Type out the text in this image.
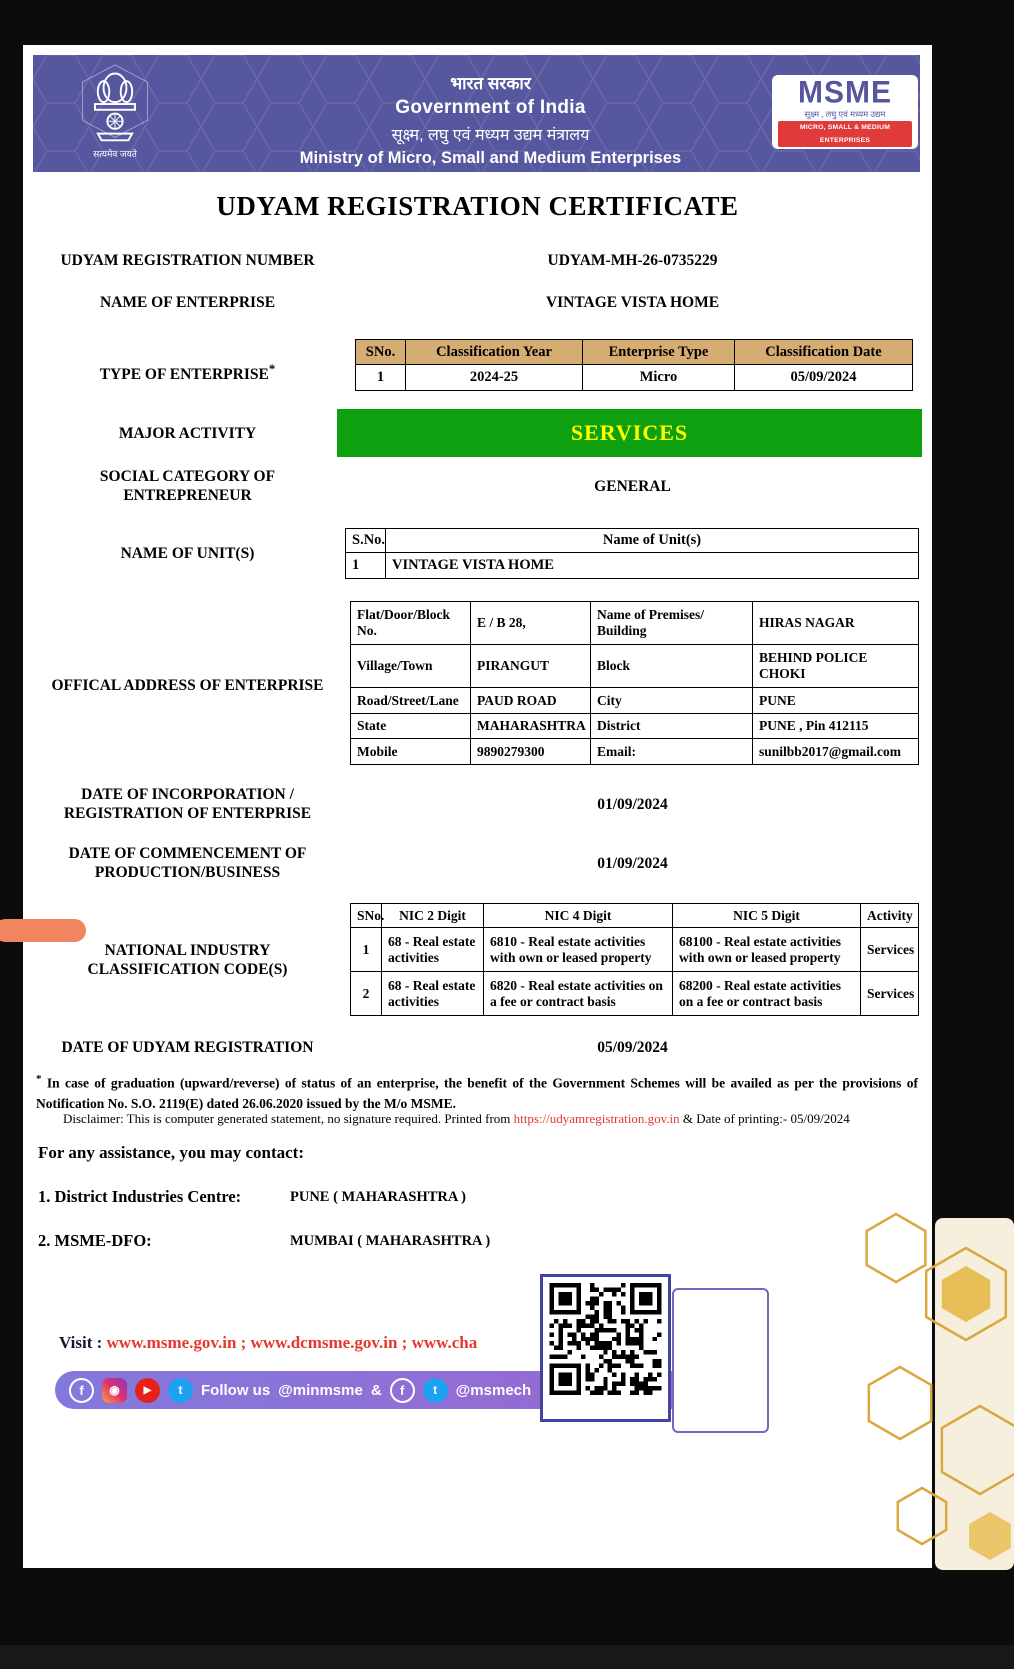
सत्यमेव जयते
भारत सरकार
Government of India
सूक्ष्म, लघु एवं मध्यम उद्यम मंत्रालय
Ministry of Micro, Small and Medium Enterprises
MSME
सूक्ष्म , लघु एवं मध्यम उद्यम
MICRO, SMALL & MEDIUM ENTERPRISES
UDYAM REGISTRATION CERTIFICATE
UDYAM REGISTRATION NUMBER	UDYAM-MH-26-0735229
NAME OF ENTERPRISE	VINTAGE VISTA HOME
TYPE OF ENTERPRISE*
SNo.	Classification Year	Enterprise Type	Classification Date
1	2024-25	Micro	05/09/2024
MAJOR ACTIVITY	SERVICES
SOCIAL CATEGORY OF ENTREPRENEUR
GENERAL
NAME OF UNIT(S)
S.No.	Name of Unit(s)
1	VINTAGE VISTA HOME
OFFICAL ADDRESS OF ENTERPRISE
Flat/Door/Block No.	E / B 28,	Name of Premises/ Building	HIRAS NAGAR
Village/Town	PIRANGUT	Block	BEHIND POLICE CHOKI
Road/Street/Lane	PAUD ROAD	City	PUNE
State	MAHARASHTRA	District	PUNE , Pin 412115
Mobile	9890279300	Email:	sunilbb2017@gmail.com
DATE OF INCORPORATION / REGISTRATION OF ENTERPRISE
01/09/2024
DATE OF COMMENCEMENT OF PRODUCTION/BUSINESS
01/09/2024
NATIONAL INDUSTRY CLASSIFICATION CODE(S)
SNo.	NIC 2 Digit	NIC 4 Digit	NIC 5 Digit	Activity
1	68 - Real estate activities	6810 - Real estate activities with own or leased property	68100 - Real estate activities with own or leased property	Services
2	68 - Real estate activities	6820 - Real estate activities on a fee or contract basis	68200 - Real estate activities on a fee or contract basis	Services
DATE OF UDYAM REGISTRATION	05/09/2024

* In case of graduation (upward/reverse) of status of an enterprise, the benefit of the Government Schemes will be availed as per the provisions of Notification No. S.O. 2119(E) dated 26.06.2020 issued by the M/o MSME.

Disclaimer: This is computer generated statement, no signature required. Printed from https://udyamregistration.gov.in & Date of printing:- 05/09/2024

For any assistance, you may contact:
1. District Industries Centre:	PUNE ( MAHARASHTRA )
2. MSME-DFO:	MUMBAI ( MAHARASHTRA )
Visit : www.msme.gov.in ; www.dcmsme.gov.in ; www.cha
f	◉	▶	t	Follow us @minmsme &	f	t	@msmech
